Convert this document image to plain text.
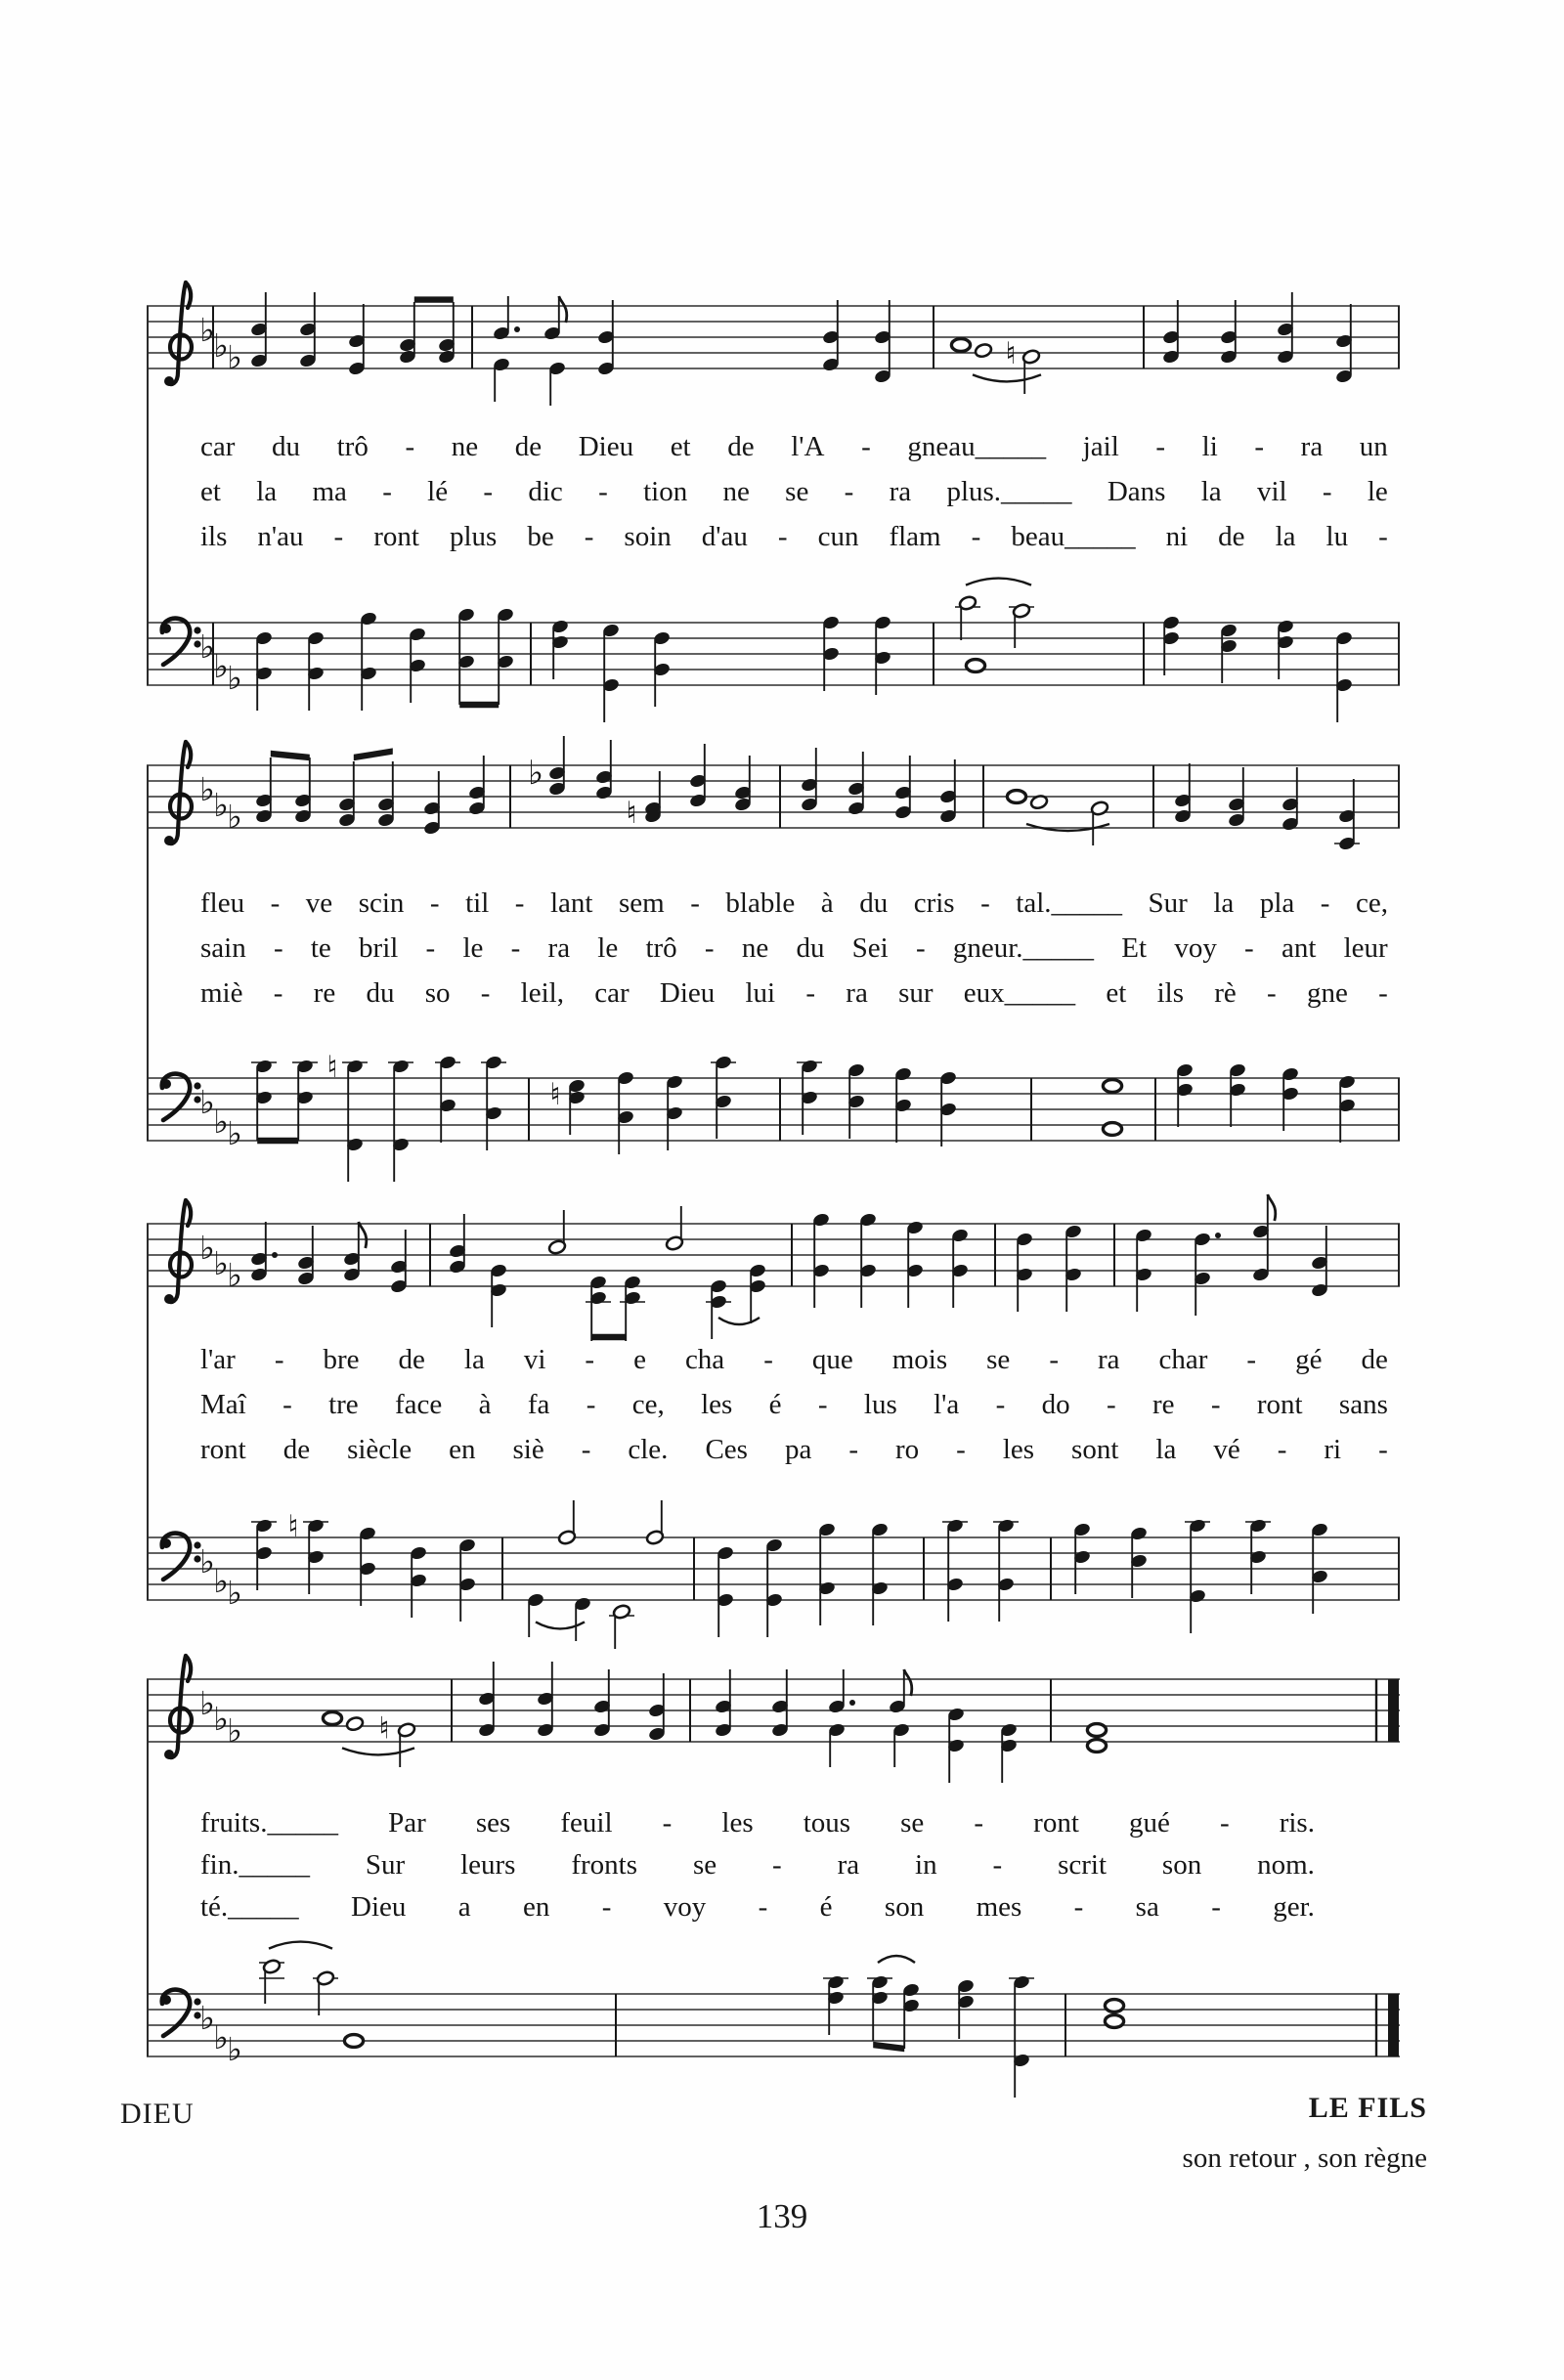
♭
♭
♭	♮
♭
♭
♭
♭
♭
♭
♭
♮
♭
♭
♭
♮
♮
♭
♭
♭
♭
♭
♭
♮
♭
♭
♭	♮
♭
♭
♭
car du trô - ne de Dieu et de l'A - gneau_____ jail - li - ra un
et la ma - lé - dic - tion ne se - ra plus._____ Dans la vil - le
ils n'au - ront plus be - soin d'au - cun flam - beau_____ ni de la lu -
fleu - ve scin - til - lant sem - blable à du cris - tal._____ Sur la pla - ce,
sain - te bril - le - ra le trô - ne du Sei - gneur._____ Et voy - ant leur
miè - re du so - leil, car Dieu lui - ra sur eux_____ et ils rè - gne -
l'ar - bre de la vi - e cha - que mois se - ra char - gé de
Maî - tre face à fa - ce, les é - lus l'a - do - re - ront sans
ront de siècle en siè - cle. Ces pa - ro - les sont la vé - ri -
fruits._____ Par ses feuil - les tous se - ront gué - ris.
fin._____ Sur leurs fronts se - ra in - scrit son nom.
té._____ Dieu a en - voy - é son mes - sa - ger.
DIEU	LE FILS
son retour , son règne
139
